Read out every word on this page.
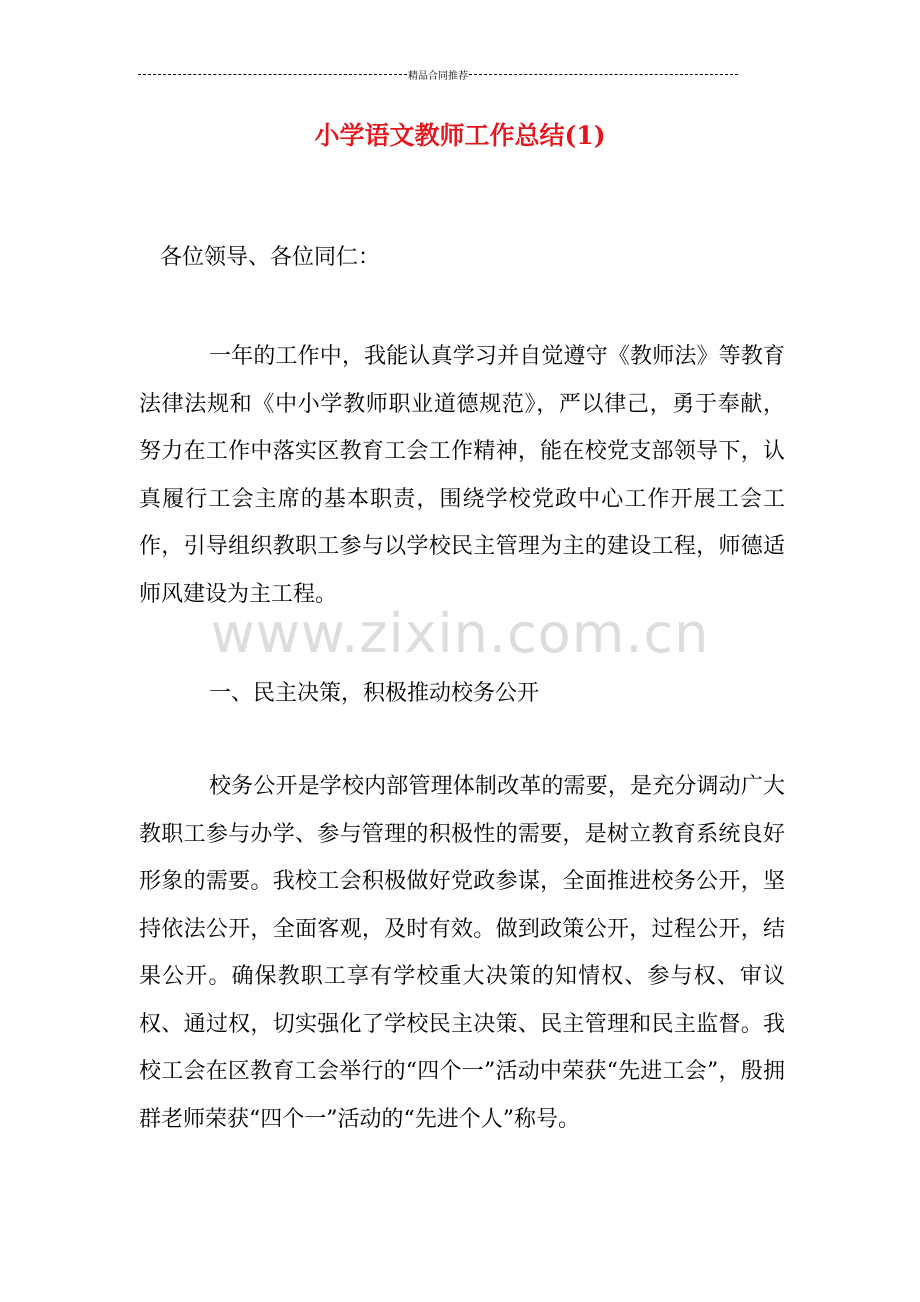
精品合同推荐
小学语文教师工作总结(1)
各位领导、各位同仁：
一年的工作中，我能认真学习并自觉遵守《教师法》等教育法律法规和《中小学教师职业道德规范》，严以律己，勇于奉献，努力在工作中落实区教育工会工作精神，能在校党支部领导下，认真履行工会主席的基本职责，围绕学校党政中心工作开展工会工作，引导组织教职工参与以学校民主管理为主的建设工程，师德适师风建设为主工程。
www.zixin.com.cn
一、民主决策，积极推动校务公开
校务公开是学校内部管理体制改革的需要，是充分调动广大教职工参与办学、参与管理的积极性的需要，是树立教育系统良好形象的需要。我校工会积极做好党政参谋，全面推进校务公开，坚持依法公开，全面客观，及时有效。做到政策公开，过程公开，结果公开。确保教职工享有学校重大决策的知情权、参与权、审议权、通过权，切实强化了学校民主决策、民主管理和民主监督。我校工会在区教育工会举行的“四个一”活动中荣获“先进工会”，殷拥群老师荣获“四个一”活动的“先进个人”称号。
